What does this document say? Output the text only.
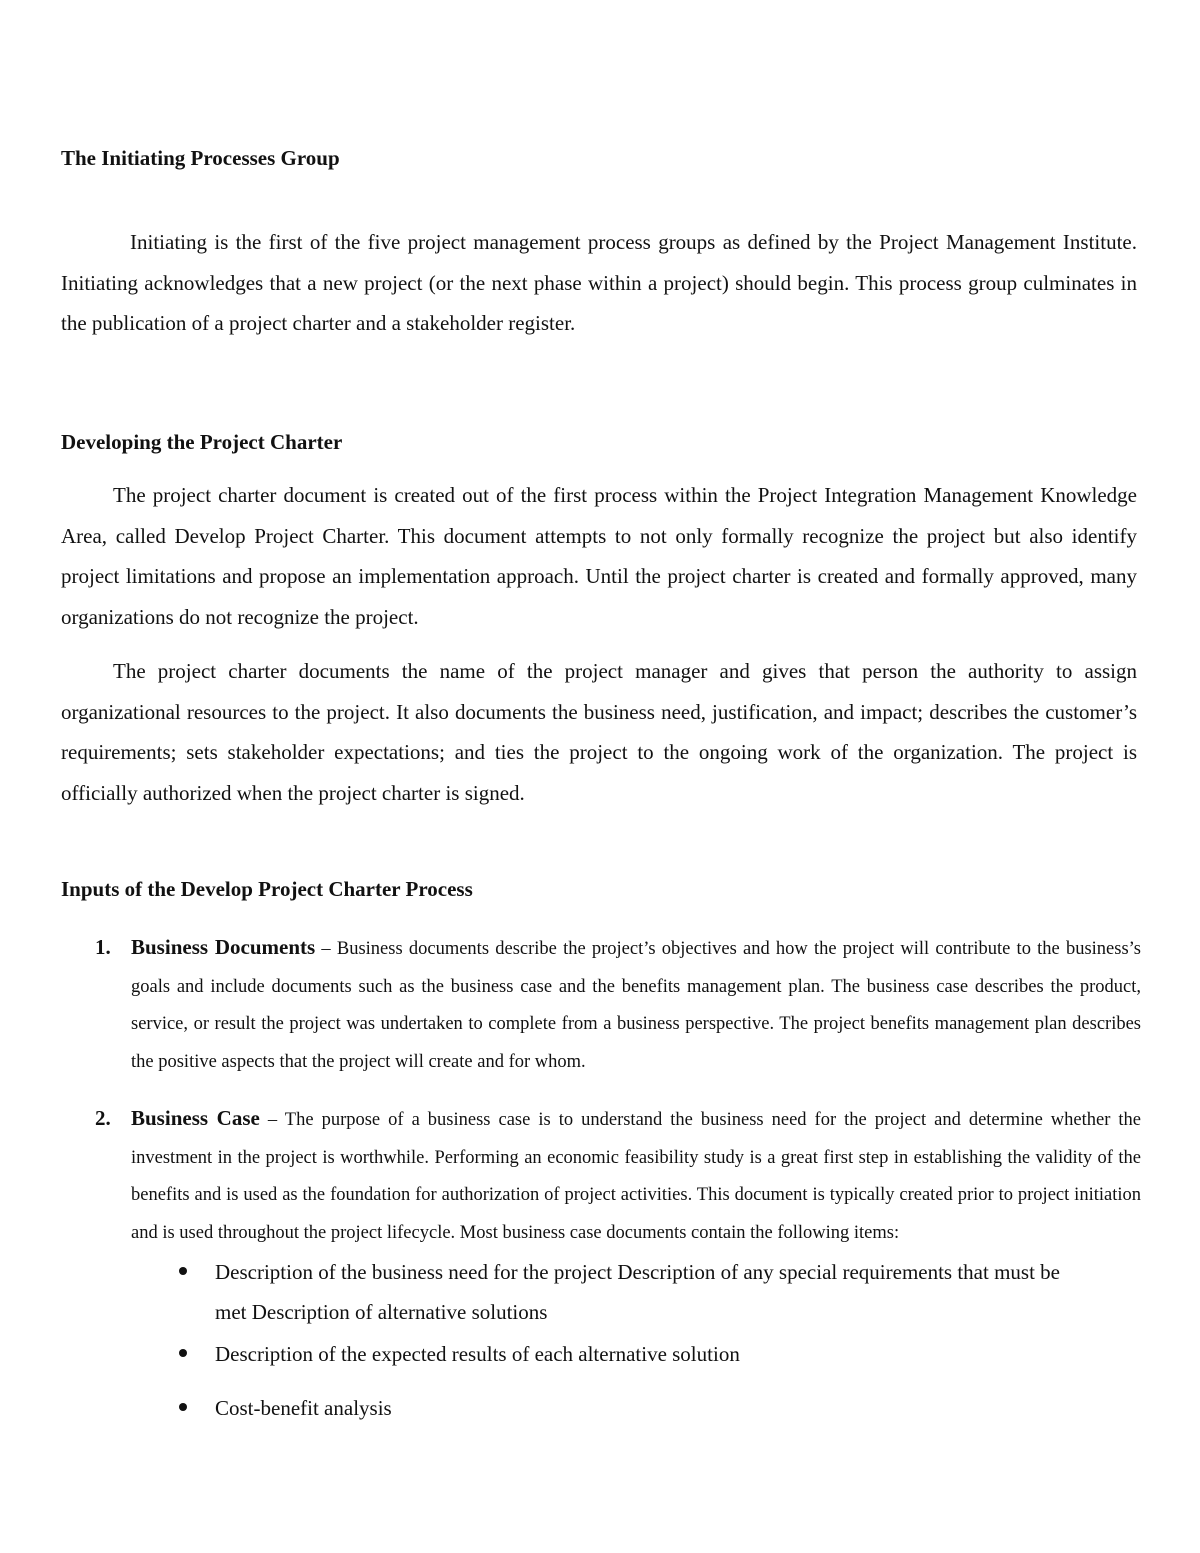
The Initiating Processes Group

Initiating is the first of the five project management process groups as defined by the Project Management Institute. Initiating acknowledges that a new project (or the next phase within a project) should begin. This process group culminates in the publication of a project charter and a stakeholder register.

Developing the Project Charter

The project charter document is created out of the first process within the Project Integration Management Knowledge Area, called Develop Project Charter. This document attempts to not only formally recognize the project but also identify project limitations and propose an implementation approach. Until the project charter is created and formally approved, many organizations do not recognize the project.

The project charter documents the name of the project manager and gives that person the authority to assign organizational resources to the project. It also documents the business need, justification, and impact; describes the customer’s requirements; sets stakeholder expectations; and ties the project to the ongoing work of the organization. The project is officially authorized when the project charter is signed.

Inputs of the Develop Project Charter Process
1. Business Documents – Business documents describe the project’s objectives and how the project will contribute to the business’s goals and include documents such as the business case and the benefits management plan. The business case describes the product, service, or result the project was undertaken to complete from a business perspective. The project benefits management plan describes the positive aspects that the project will create and for whom.
2. Business Case – The purpose of a business case is to understand the business need for the project and determine whether the investment in the project is worthwhile. Performing an economic feasibility study is a great first step in establishing the validity of the benefits and is used as the foundation for authorization of project activities. This document is typically created prior to project initiation and is used throughout the project lifecycle. Most business case documents contain the following items:
Description of the business need for the project Description of any special requirements that must be met Description of alternative solutions
Description of the expected results of each alternative solution
Cost-benefit analysis
